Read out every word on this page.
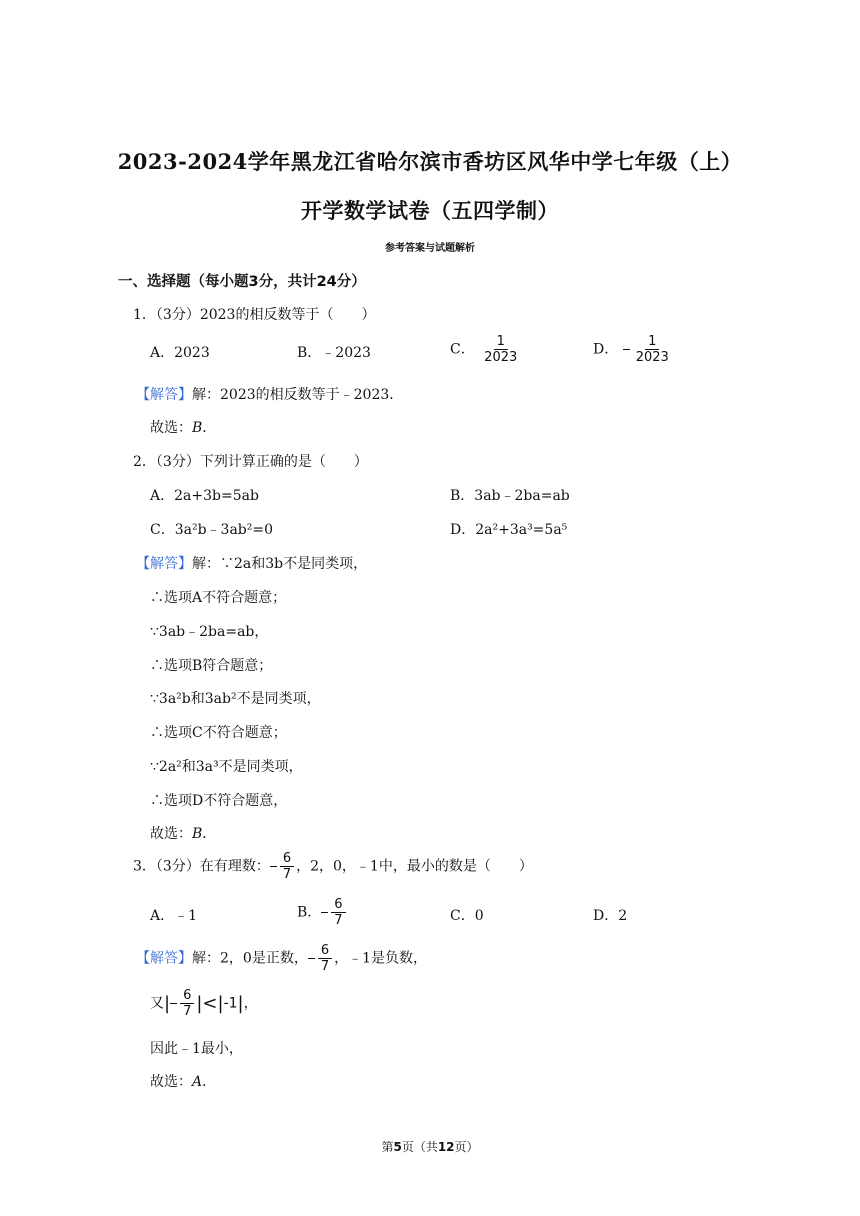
2023-2024学年黑龙江省哈尔滨市香坊区风华中学七年级（上）
开学数学试卷（五四学制）
参考答案与试题解析
一、选择题（每小题3分，共计24分）
1．（3分）2023的相反数等于（　　）
A．2023	B．﹣2023	C． $\frac{1}{2023}$	D． $\frac{1}{2023}$
【解答】解：2023的相反数等于﹣2023．
故选：B．
2．（3分）下列计算正确的是（　　）
A．2a+3b=5ab	B．3ab﹣2ba=ab
C．3a²b﹣3ab²=0	D．2a²+3a³=5a⁵
【解答】解：∵2a和3b不是同类项，
∴选项A不符合题意；
∵3ab﹣2ba=ab，
∴选项B符合题意；
∵3a²b和3ab²不是同类项，
∴选项C不符合题意；
∵2a²和3a³不是同类项，
∴选项D不符合题意，
故选：B．
3．（3分）在有理数： $\frac{6}{7}$ ，2，0，﹣1中，最小的数是（　　）
A．﹣1	B． $\frac{6}{7}$	C．0	D．2
【解答】解：2，0是正数， $\frac{6}{7}$ ，﹣1是负数，
又| $\frac{6}{7} |<|-1|$，
因此﹣1最小，
故选：A．
第5页（共12页）
